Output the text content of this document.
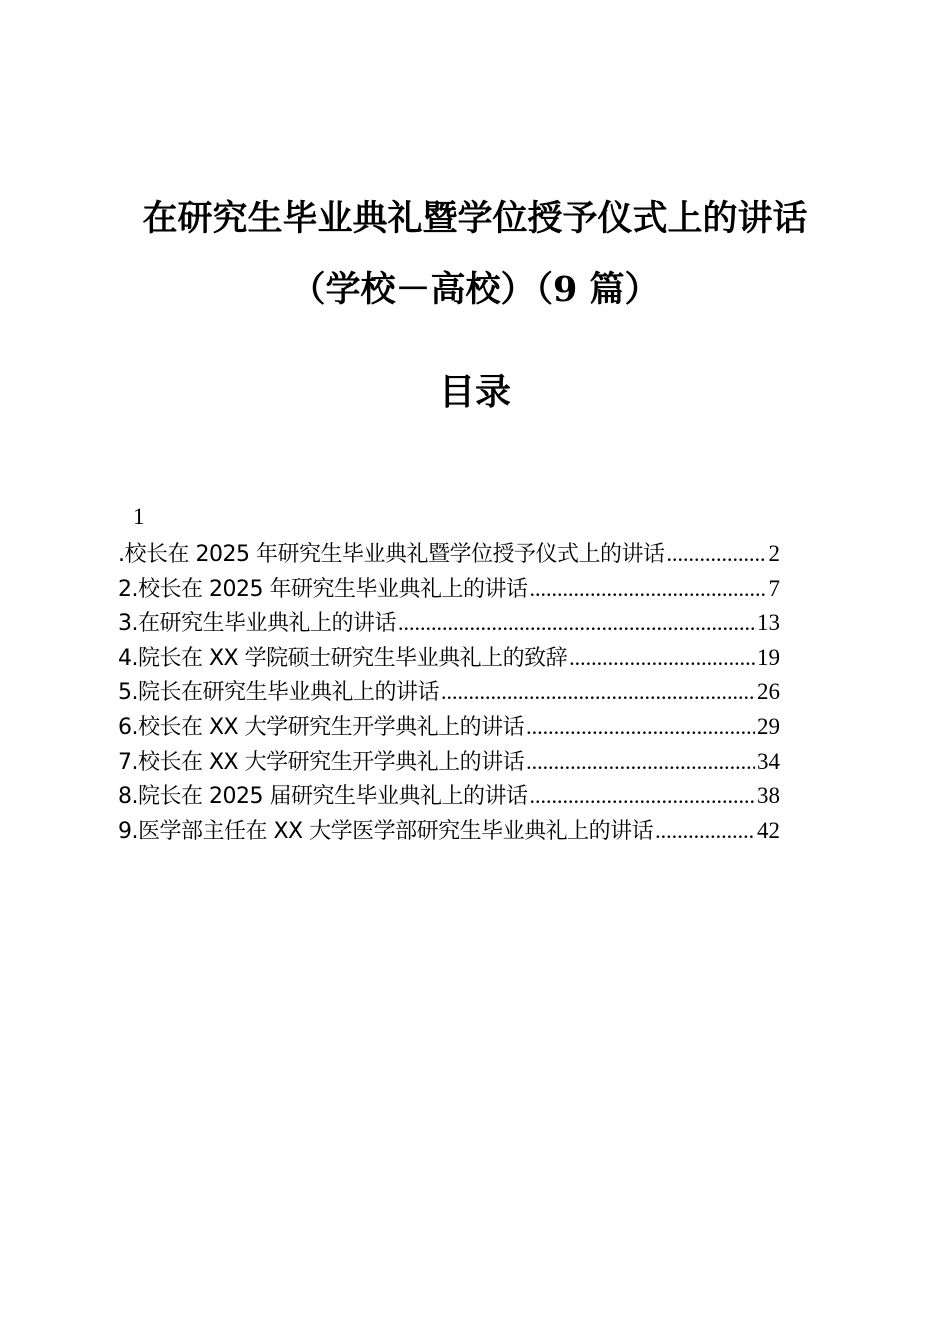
在研究生毕业典礼暨学位授予仪式上的讲话
（学校－高校）（9 篇）
目录
1
.校长在 2025 年研究生毕业典礼暨学位授予仪式上的讲话 .....	2
2.校长在 2025 年研究生毕业典礼上的讲话 .....	7
3.在研究生毕业典礼上的讲话 .....	13
4.院长在 XX 学院硕士研究生毕业典礼上的致辞 .....	19
5.院长在研究生毕业典礼上的讲话 .....	26
6.校长在 XX 大学研究生开学典礼上的讲话 .....	29
7.校长在 XX 大学研究生开学典礼上的讲话 .....	34
8.院长在 2025 届研究生毕业典礼上的讲话 .....	38
9.医学部主任在 XX 大学医学部研究生毕业典礼上的讲话 .....	42
